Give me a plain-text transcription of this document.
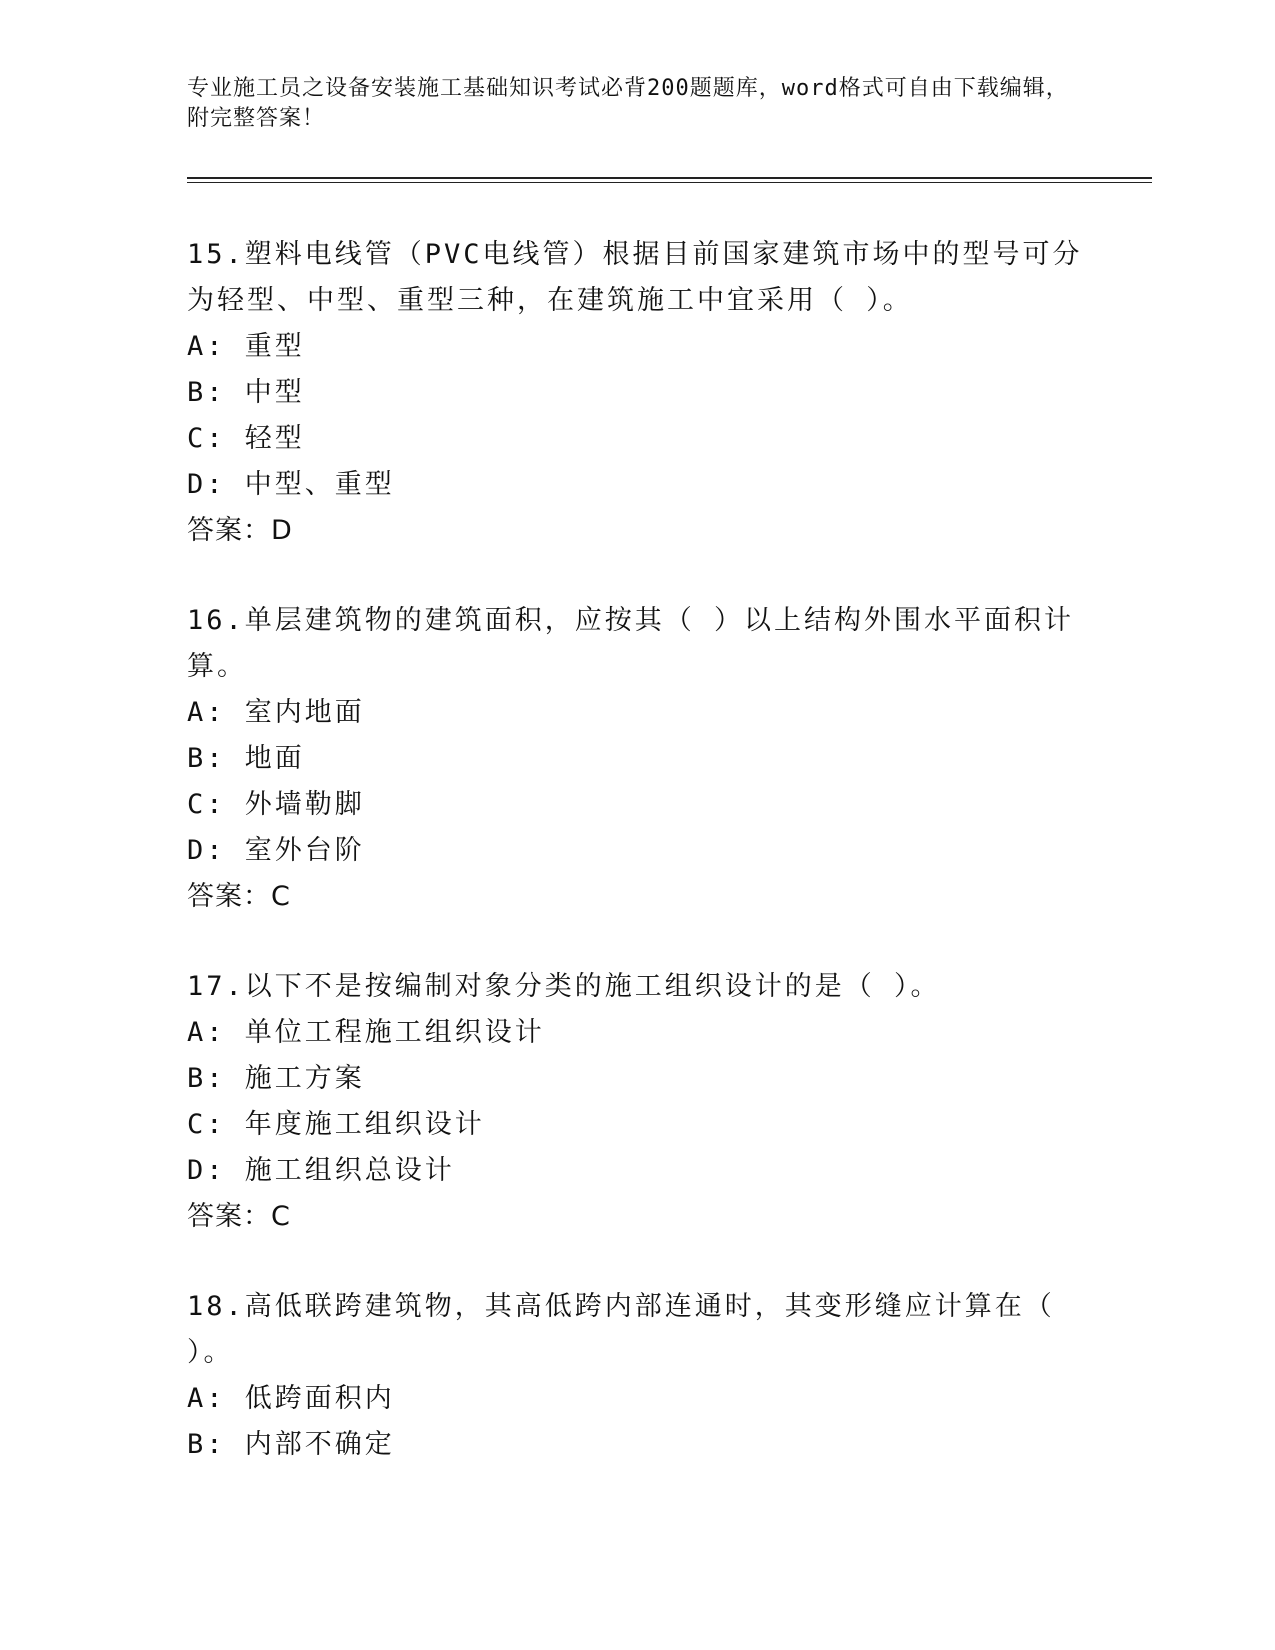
专业施工员之设备安装施工基础知识考试必背200题题库，word格式可自由下载编辑，附完整答案！

15.塑料电线管（PVC电线管）根据目前国家建筑市场中的型号可分为轻型、中型、重型三种，在建筑施工中宜采用（ ）。

A: 重型

B: 中型

C: 轻型

D: 中型、重型

答案：D

16.单层建筑物的建筑面积，应按其（ ）以上结构外围水平面积计算。

A: 室内地面

B: 地面

C: 外墙勒脚

D: 室外台阶

答案：C

17.以下不是按编制对象分类的施工组织设计的是（ ）。

A: 单位工程施工组织设计

B: 施工方案

C: 年度施工组织设计

D: 施工组织总设计

答案：C

18.高低联跨建筑物，其高低跨内部连通时，其变形缝应计算在（ ）。

A: 低跨面积内

B: 内部不确定
